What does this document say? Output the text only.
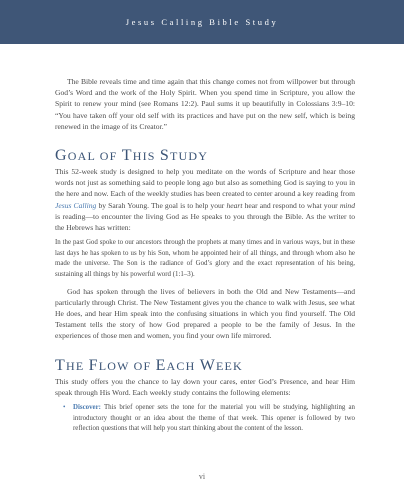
Jesus Calling Bible Study

The Bible reveals time and time again that this change comes not from willpower but through God’s Word and the work of the Holy Spirit. When you spend time in Scripture, you allow the Spirit to renew your mind (see Romans 12:2). Paul sums it up beautifully in Colossians 3:9–10: “You have taken off your old self with its practices and have put on the new self, which is being renewed in the image of its Creator.”

GOAL OF THIS STUDY

This 52-week study is designed to help you meditate on the words of Scripture and hear those words not just as something said to people long ago but also as something God is saying to you in the here and now. Each of the weekly studies has been created to center around a key reading from Jesus Calling by Sarah Young. The goal is to help your heart hear and respond to what your mind is reading—to encounter the living God as He speaks to you through the Bible. As the writer to the Hebrews has written:

In the past God spoke to our ancestors through the prophets at many times and in various ways, but in these last days he has spoken to us by his Son, whom he appointed heir of all things, and through whom also he made the universe. The Son is the radiance of God’s glory and the exact representation of his being, sustaining all things by his powerful word (1:1–3).

God has spoken through the lives of believers in both the Old and New Testaments—and particularly through Christ. The New Testament gives you the chance to walk with Jesus, see what He does, and hear Him speak into the confusing situations in which you find yourself. The Old Testament tells the story of how God prepared a people to be the family of Jesus. In the experiences of those men and women, you find your own life mirrored.

THE FLOW OF EACH WEEK

This study offers you the chance to lay down your cares, enter God’s Presence, and hear Him speak through His Word. Each weekly study contains the following elements:

• Discover: This brief opener sets the tone for the material you will be studying, highlighting an introductory thought or an idea about the theme of that week. This opener is followed by two reflection questions that will help you start thinking about the content of the lesson.

vi
